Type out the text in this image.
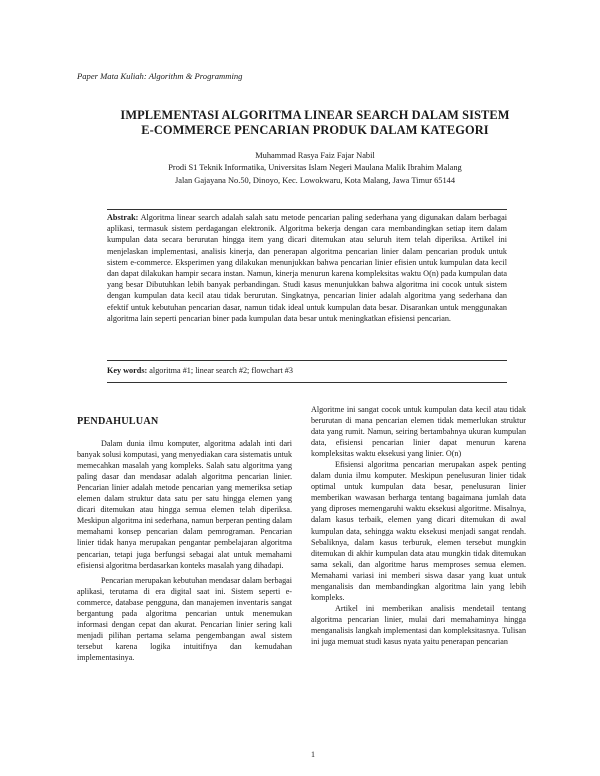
Paper Mata Kuliah: Algorithm & Programming
IMPLEMENTASI ALGORITMA LINEAR SEARCH DALAM SISTEM
E-COMMERCE PENCARIAN PRODUK DALAM KATEGORI
Muhammad Rasya Faiz Fajar Nabil
Prodi S1 Teknik Informatika, Universitas Islam Negeri Maulana Malik Ibrahim Malang
Jalan Gajayana No.50, Dinoyo, Kec. Lowokwaru, Kota Malang, Jawa Timur 65144
Abstrak: Algoritma linear search adalah salah satu metode pencarian paling sederhana yang digunakan dalam berbagai aplikasi, termasuk sistem perdagangan elektronik. Algoritma bekerja dengan cara membandingkan setiap item dalam kumpulan data secara berurutan hingga item yang dicari ditemukan atau seluruh item telah diperiksa. Artikel ini menjelaskan implementasi, analisis kinerja, dan penerapan algoritma pencarian linier dalam pencarian produk untuk sistem e-commerce. Eksperimen yang dilakukan menunjukkan bahwa pencarian linier efisien untuk kumpulan data kecil dan dapat dilakukan hampir secara instan. Namun, kinerja menurun karena kompleksitas waktu O(n) pada kumpulan data yang besar Dibutuhkan lebih banyak perbandingan. Studi kasus menunjukkan bahwa algoritma ini cocok untuk sistem dengan kumpulan data kecil atau tidak berurutan. Singkatnya, pencarian linier adalah algoritma yang sederhana dan efektif untuk kebutuhan pencarian dasar, namun tidak ideal untuk kumpulan data besar. Disarankan untuk menggunakan algoritma lain seperti pencarian biner pada kumpulan data besar untuk meningkatkan efisiensi pencarian.
Key words: algoritma #1; linear search #2; flowchart #3

PENDAHULUAN

Dalam dunia ilmu komputer, algoritma adalah inti dari banyak solusi komputasi, yang menyediakan cara sistematis untuk memecahkan masalah yang kompleks. Salah satu algoritma yang paling dasar dan mendasar adalah algoritma pencarian linier. Pencarian linier adalah metode pencarian yang memeriksa setiap elemen dalam struktur data satu per satu hingga elemen yang dicari ditemukan atau hingga semua elemen telah diperiksa. Meskipun algoritma ini sederhana, namun berperan penting dalam memahami konsep pencarian dalam pemrograman. Pencarian linier tidak hanya merupakan pengantar pembelajaran algoritma pencarian, tetapi juga berfungsi sebagai alat untuk memahami efisiensi algoritma berdasarkan konteks masalah yang dihadapi.

Pencarian merupakan kebutuhan mendasar dalam berbagai aplikasi, terutama di era digital saat ini. Sistem seperti e-commerce, database pengguna, dan manajemen inventaris sangat bergantung pada algoritma pencarian untuk menemukan informasi dengan cepat dan akurat. Pencarian linier sering kali menjadi pilihan pertama selama pengembangan awal sistem tersebut karena logika intuitifnya dan kemudahan implementasinya.

Algoritme ini sangat cocok untuk kumpulan data kecil atau tidak berurutan di mana pencarian elemen tidak memerlukan struktur data yang rumit. Namun, seiring bertambahnya ukuran kumpulan data, efisiensi pencarian linier dapat menurun karena kompleksitas waktu eksekusi yang linier. O(n)

Efisiensi algoritma pencarian merupakan aspek penting dalam dunia ilmu komputer. Meskipun penelusuran linier tidak optimal untuk kumpulan data besar, penelusuran linier memberikan wawasan berharga tentang bagaimana jumlah data yang diproses memengaruhi waktu eksekusi algoritme. Misalnya, dalam kasus terbaik, elemen yang dicari ditemukan di awal kumpulan data, sehingga waktu eksekusi menjadi sangat rendah. Sebaliknya, dalam kasus terburuk, elemen tersebut mungkin ditemukan di akhir kumpulan data atau mungkin tidak ditemukan sama sekali, dan algoritme harus memproses semua elemen. Memahami variasi ini memberi siswa dasar yang kuat untuk menganalisis dan membandingkan algoritma lain yang lebih kompleks.

Artikel ini memberikan analisis mendetail tentang algoritma pencarian linier, mulai dari memahaminya hingga menganalisis langkah implementasi dan kompleksitasnya. Tulisan ini juga memuat studi kasus nyata yaitu penerapan pencarian

1
